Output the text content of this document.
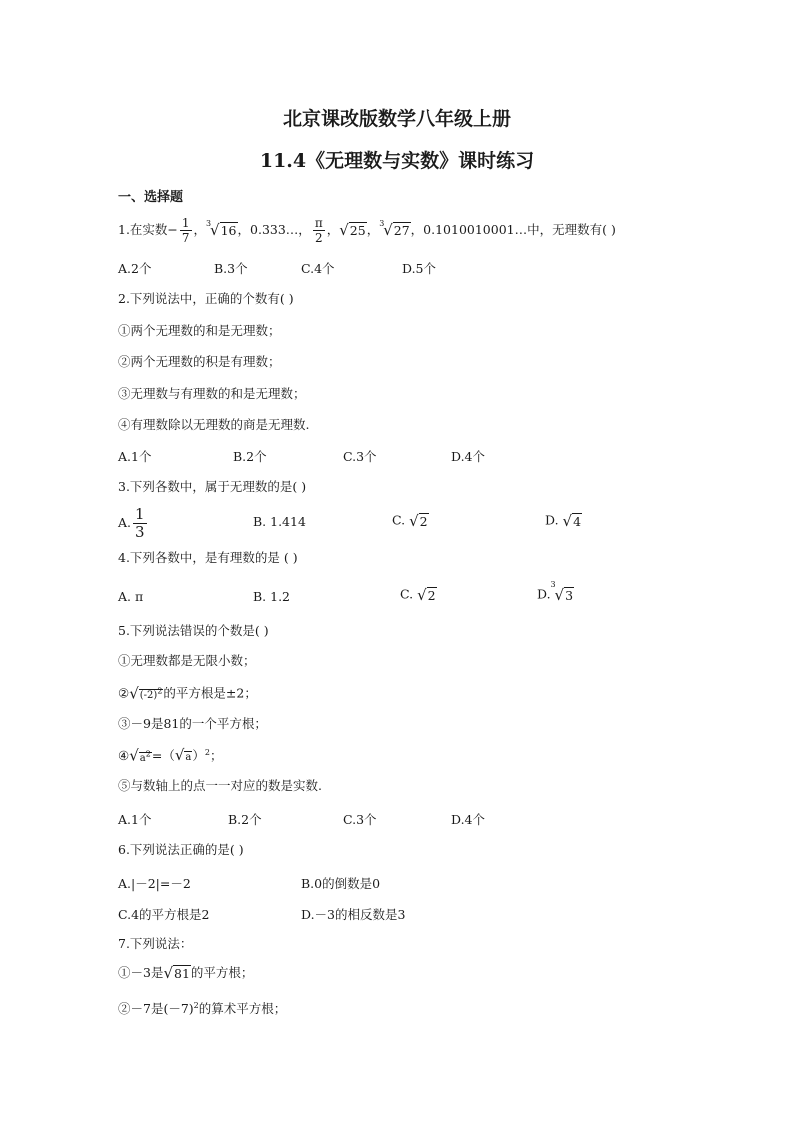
北京课改版数学八年级上册
11.4《无理数与实数》课时练习
一、选择题
1.在实数− $\frac{1}{7}$ ， 3
√16，0.333…， $\frac{\pi}{2}$ ，√25， 3
√27，0.1010010001…中，无理数有( )
A.2个	B.3个	C.4个	D.5个
2.下列说法中，正确的个数有( )
①两个无理数的和是无理数；
②两个无理数的积是有理数；
③无理数与有理数的和是无理数；
④有理数除以无理数的商是无理数.
A.1个	B.2个	C.3个	D.4个
3.下列各数中，属于无理数的是( )
A. $\frac{1}{3}$	B. 1.414	C. √2	D. √4
4.下列各数中，是有理数的是 ( )
A. π	B. 1.2	C. √2	D.
3
√3
5.下列说法错误的个数是( )
①无理数都是无限小数；
$②√(-2)^2$的平方根是±2；
③－9是81的一个平方根；
$④√a^2=(√a)^2$；
⑤与数轴上的点一一对应的数是实数.
A.1个	B.2个	C.3个	D.4个
6.下列说法正确的是( )
A.|－2|=－2	B.0的倒数是0
C.4的平方根是2	D.－3的相反数是3
7.下列说法：
①－3是√81的平方根；
②－7是$(-7)^2$的算术平方根；
